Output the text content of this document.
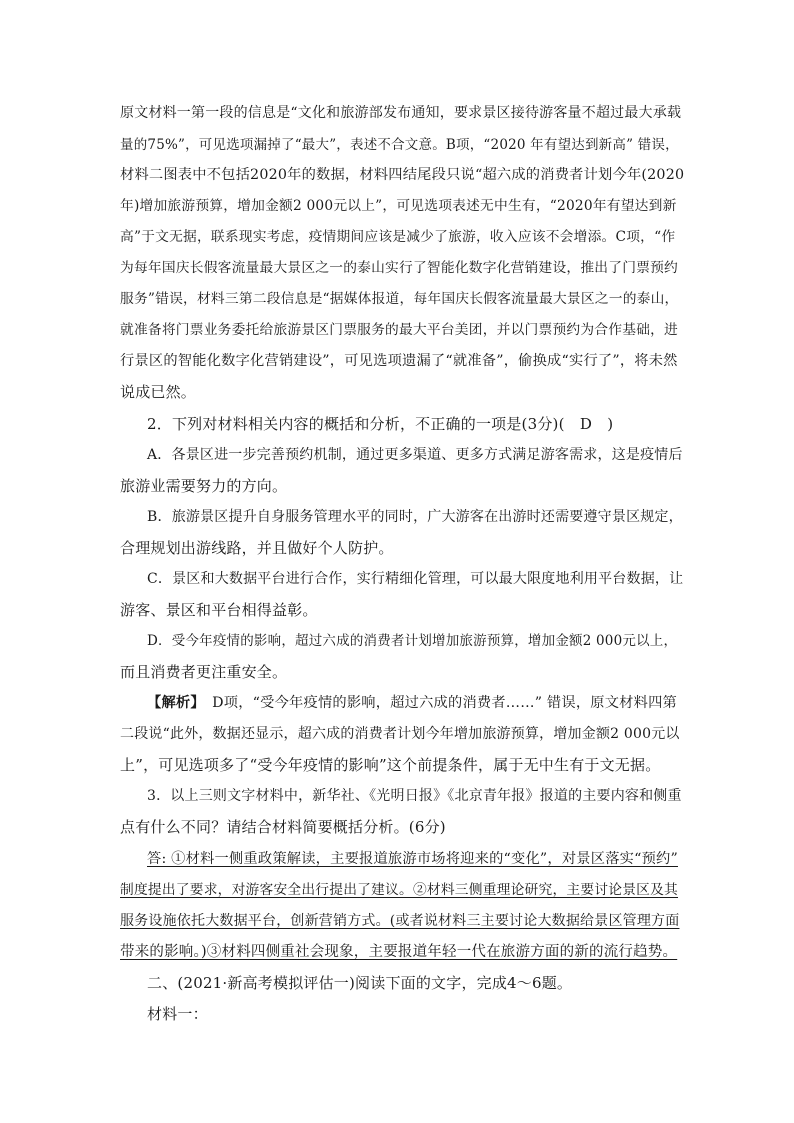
原文材料一第一段的信息是“文化和旅游部发布通知，要求景区接待游客量不超过最大承载
量的75%”，可见选项漏掉了“最大”，表述不合文意。B项，“2020 年有望达到新高” 错误，
材料二图表中不包括2020年的数据，材料四结尾段只说“超六成的消费者计划今年(2020
年)增加旅游预算，增加金额2 000元以上”，可见选项表述无中生有，“2020年有望达到新
高”于文无据，联系现实考虑，疫情期间应该是减少了旅游，收入应该不会增添。C项，“作
为每年国庆长假客流量最大景区之一的泰山实行了智能化数字化营销建设，推出了门票预约
服务”错误，材料三第二段信息是“据媒体报道，每年国庆长假客流量最大景区之一的泰山，
就准备将门票业务委托给旅游景区门票服务的最大平台美团，并以门票预约为合作基础，进
行景区的智能化数字化营销建设”，可见选项遗漏了“就准备”，偷换成“实行了”，将未然
说成已然。
2．下列对材料相关内容的概括和分析，不正确的一项是(3分)(　D　)
A．各景区进一步完善预约机制，通过更多渠道、更多方式满足游客需求，这是疫情后
旅游业需要努力的方向。
B．旅游景区提升自身服务管理水平的同时，广大游客在出游时还需要遵守景区规定，
合理规划出游线路，并且做好个人防护。
C．景区和大数据平台进行合作，实行精细化管理，可以最大限度地利用平台数据，让
游客、景区和平台相得益彰。
D．受今年疫情的影响，超过六成的消费者计划增加旅游预算，增加金额2 000元以上，
而且消费者更注重安全。
【解析】　D项，“受今年疫情的影响，超过六成的消费者……” 错误，原文材料四第
二段说“此外，数据还显示，超六成的消费者计划今年增加旅游预算，增加金额2 000元以
上”，可见选项多了“受今年疫情的影响”这个前提条件，属于无中生有于文无据。
3．以上三则文字材料中，新华社、《光明日报》《北京青年报》报道的主要内容和侧重
点有什么不同？请结合材料简要概括分析。(6分)
答: ①材料一侧重政策解读，主要报道旅游市场将迎来的“变化”，对景区落实“预约”
制度提出了要求，对游客安全出行提出了建议。②材料三侧重理论研究，主要讨论景区及其
服务设施依托大数据平台，创新营销方式。(或者说材料三主要讨论大数据给景区管理方面
带来的影响。)③材料四侧重社会现象，主要报道年轻一代在旅游方面的新的流行趋势。
二、(2021·新高考模拟评估一)阅读下面的文字，完成4～6题。
材料一：
